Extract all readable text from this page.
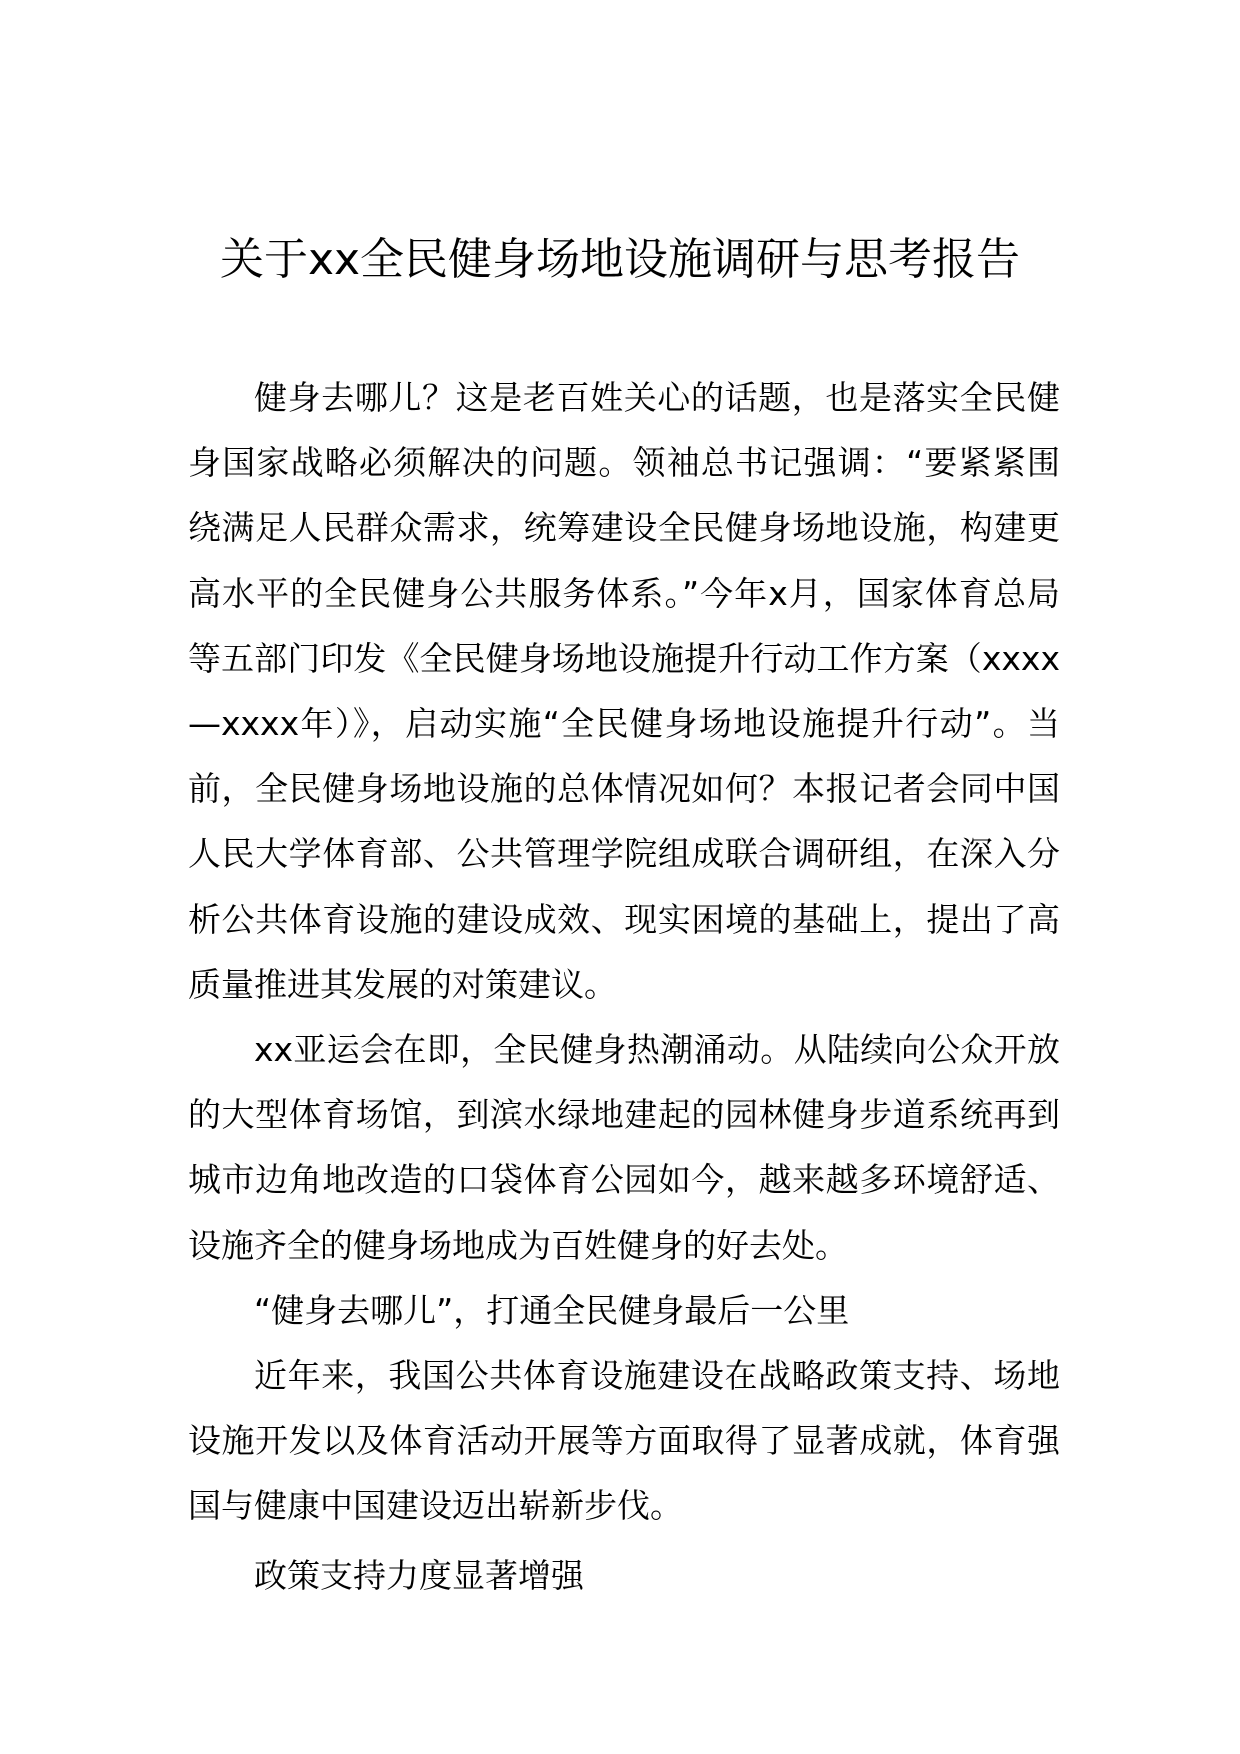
关于xx全民健身场地设施调研与思考报告

健身去哪儿？这是老百姓关心的话题，也是落实全民健身国家战略必须解决的问题。领袖总书记强调：“要紧紧围绕满足人民群众需求，统筹建设全民健身场地设施，构建更高水平的全民健身公共服务体系。”今年x月，国家体育总局等五部门印发《全民健身场地设施提升行动工作方案（xxxx—xxxx年）》，启动实施“全民健身场地设施提升行动”。当前，全民健身场地设施的总体情况如何？本报记者会同中国人民大学体育部、公共管理学院组成联合调研组，在深入分析公共体育设施的建设成效、现实困境的基础上，提出了高质量推进其发展的对策建议。

xx亚运会在即，全民健身热潮涌动。从陆续向公众开放的大型体育场馆，到滨水绿地建起的园林健身步道系统再到城市边角地改造的口袋体育公园如今，越来越多环境舒适、设施齐全的健身场地成为百姓健身的好去处。

“健身去哪儿”，打通全民健身最后一公里

近年来，我国公共体育设施建设在战略政策支持、场地设施开发以及体育活动开展等方面取得了显著成就，体育强国与健康中国建设迈出崭新步伐。

政策支持力度显著增强
